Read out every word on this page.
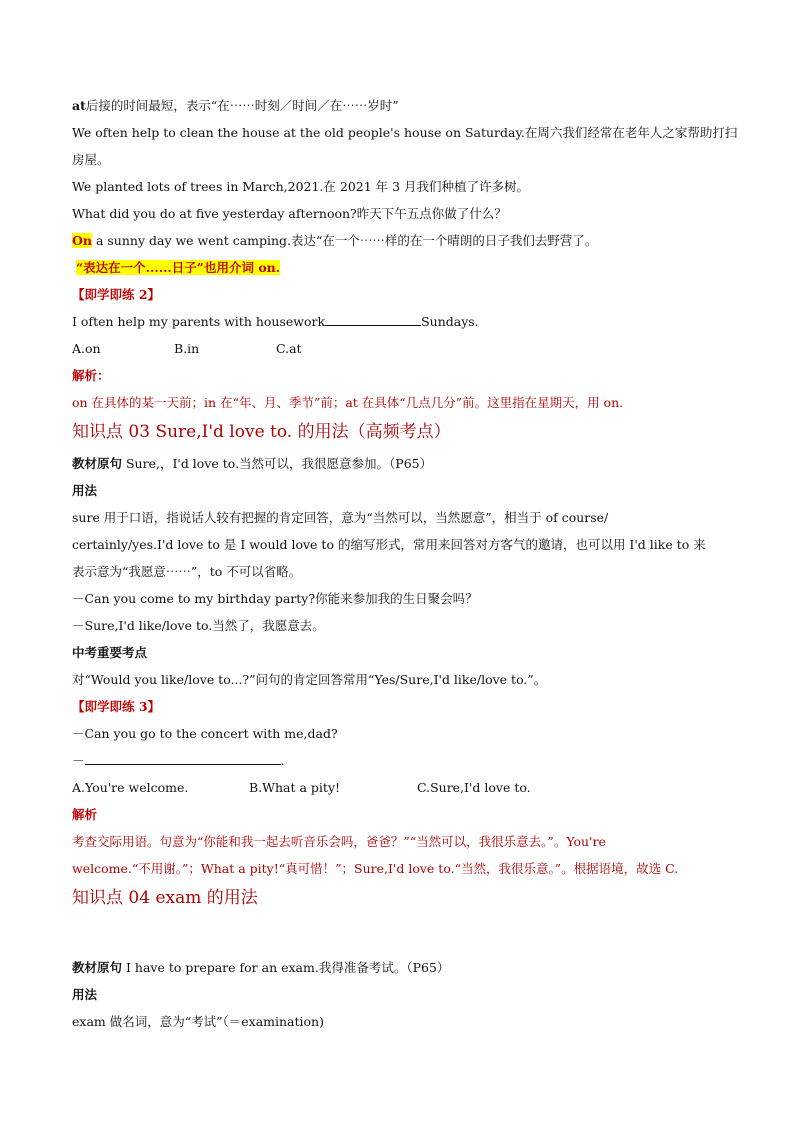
at后接的时间最短，表示“在⋯⋯时刻／时间／在⋯⋯岁时”
We often help to clean the house at the old people's house on Saturday.在周六我们经常在老年人之家帮助打扫
房屋。
We planted lots of trees in March,2021.在 2021 年 3 月我们种植了许多树。
What did you do at five yesterday afternoon?昨天下午五点你做了什么？
On a sunny day we went camping.表达“在一个⋯⋯样的在一个晴朗的日子我们去野营了。
“表达在一个......日子”也用介词 on.
【即学即练 2】
I often help my parents with housework	Sundays.
A.on	B.in	C.at
解析：
on 在具体的某一天前；in 在“年、月、季节”前；at 在具体“几点几分”前。这里指在星期天，用 on.
知识点 03 Sure,I'd love to. 的用法（高频考点）
教材原句 Sure,，I'd love to.当然可以，我很愿意参加。（P65）
用法
sure 用于口语，指说话人较有把握的肯定回答，意为“当然可以，当然愿意”，相当于 of course/
certainly/yes.I'd love to 是 I would love to 的缩写形式，常用来回答对方客气的邀请，也可以用 I'd like to 来
表示意为“我愿意⋯⋯”，to 不可以省略。
－Can you come to my birthday party?你能来参加我的生日聚会吗？
－Sure,I'd like/love to.当然了，我愿意去。
中考重要考点
对“Would you like/love to...?”问句的肯定回答常用“Yes/Sure,I'd like/love to.”。
【即学即练 3】
－Can you go to the concert with me,dad?
－	.
A.You're welcome.	B.What a pity!	C.Sure,I'd love to.
解析
考查交际用语。句意为“你能和我一起去听音乐会吗，爸爸？”“当然可以，我很乐意去。”。You're
welcome.“不用谢。”；What a pity!“真可惜！”；Sure,I'd love to.“当然，我很乐意。”。根据语境，故选 C.
知识点 04 exam 的用法
教材原句 I have to prepare for an exam.我得准备考试。（P65）
用法
exam 做名词，意为“考试”（＝examination)
